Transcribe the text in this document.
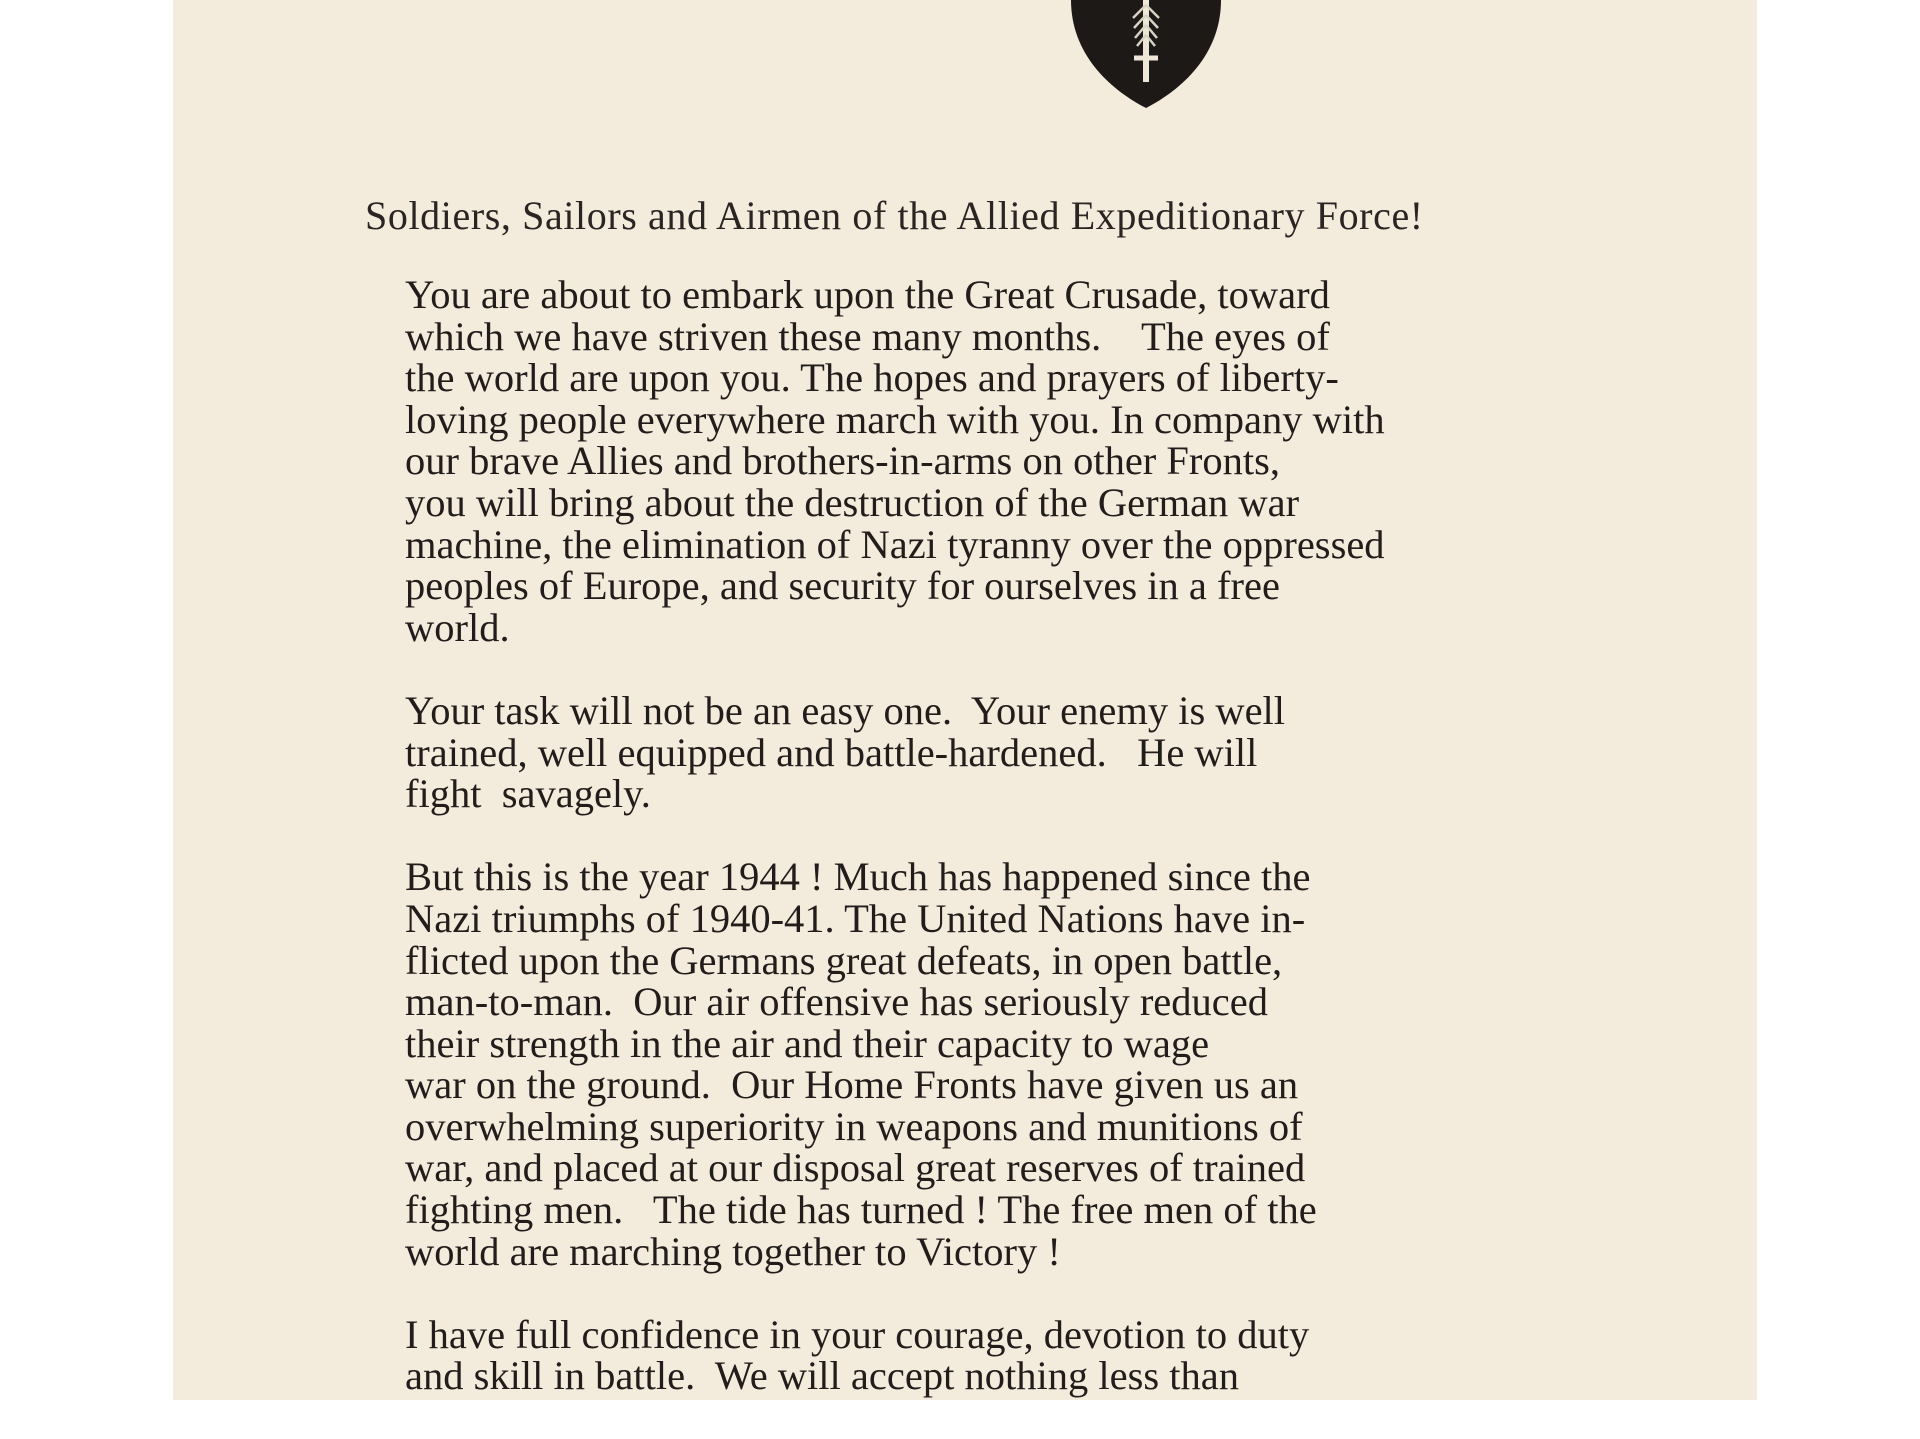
Soldiers, Sailors and Airmen of the Allied Expeditionary Force!

You are about to embark upon the Great Crusade, toward
which we have striven these many months.    The eyes of
the world are upon you. The hopes and prayers of liberty-
loving people everywhere march with you. In company with
our brave Allies and brothers-in-arms on other Fronts,
you will bring about the destruction of the German war
machine, the elimination of Nazi tyranny over the oppressed
peoples of Europe, and security for ourselves in a free
world.

Your task will not be an easy one.  Your enemy is well
trained, well equipped and battle-hardened.   He will
fight  savagely.

But this is the year 1944 ! Much has happened since the
Nazi triumphs of 1940-41. The United Nations have in-
flicted upon the Germans great defeats, in open battle,
man-to-man.  Our air offensive has seriously reduced
their strength in the air and their capacity to wage
war on the ground.  Our Home Fronts have given us an
overwhelming superiority in weapons and munitions of
war, and placed at our disposal great reserves of trained
fighting men.   The tide has turned ! The free men of the
world are marching together to Victory !

I have full confidence in your courage, devotion to duty
and skill in battle.  We will accept nothing less than
